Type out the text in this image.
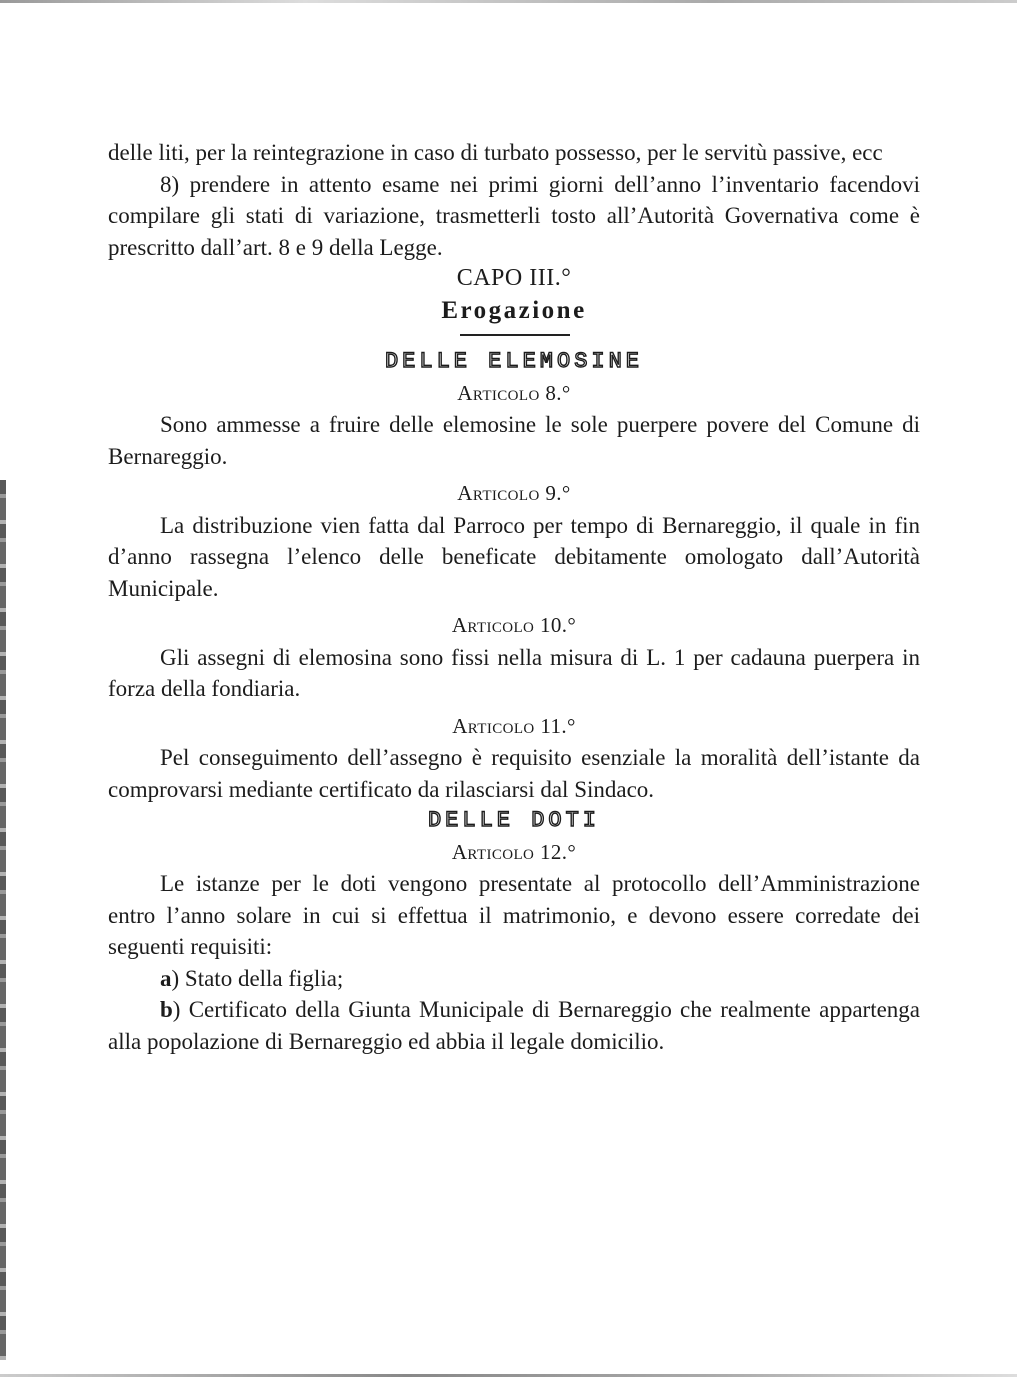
delle liti, per la reintegrazione in caso di turbato possesso, per le servitù passive, ecc

8) prendere in attento esame nei primi giorni dell’anno l’inventario facendovi compilare gli stati di variazione, trasmetterli tosto all’Autorità Governativa come è prescritto dall’art. 8 e 9 della Legge.

CAPO III.°

Erogazione

DELLE ELEMOSINE

Articolo 8.°

Sono ammesse a fruire delle elemosine le sole puerpere povere del Comune di Bernareggio.

Articolo 9.°

La distribuzione vien fatta dal Parroco per tempo di Bernareggio, il quale in fin d’anno rassegna l’elenco delle beneficate debitamente omologato dall’Autorità Municipale.

Articolo 10.°

Gli assegni di elemosina sono fissi nella misura di L. 1 per cadauna puerpera in forza della fondiaria.

Articolo 11.°

Pel conseguimento dell’assegno è requisito esenziale la moralità dell’istante da comprovarsi mediante certificato da rilasciarsi dal Sindaco.

DELLE DOTI

Articolo 12.°

Le istanze per le doti vengono presentate al protocollo dell’Amministrazione entro l’anno solare in cui si effettua il matrimonio, e devono essere corredate dei seguenti requisiti:

a) Stato della figlia;

b) Certificato della Giunta Municipale di Bernareggio che realmente appartenga alla popolazione di Bernareggio ed abbia il legale domicilio.
